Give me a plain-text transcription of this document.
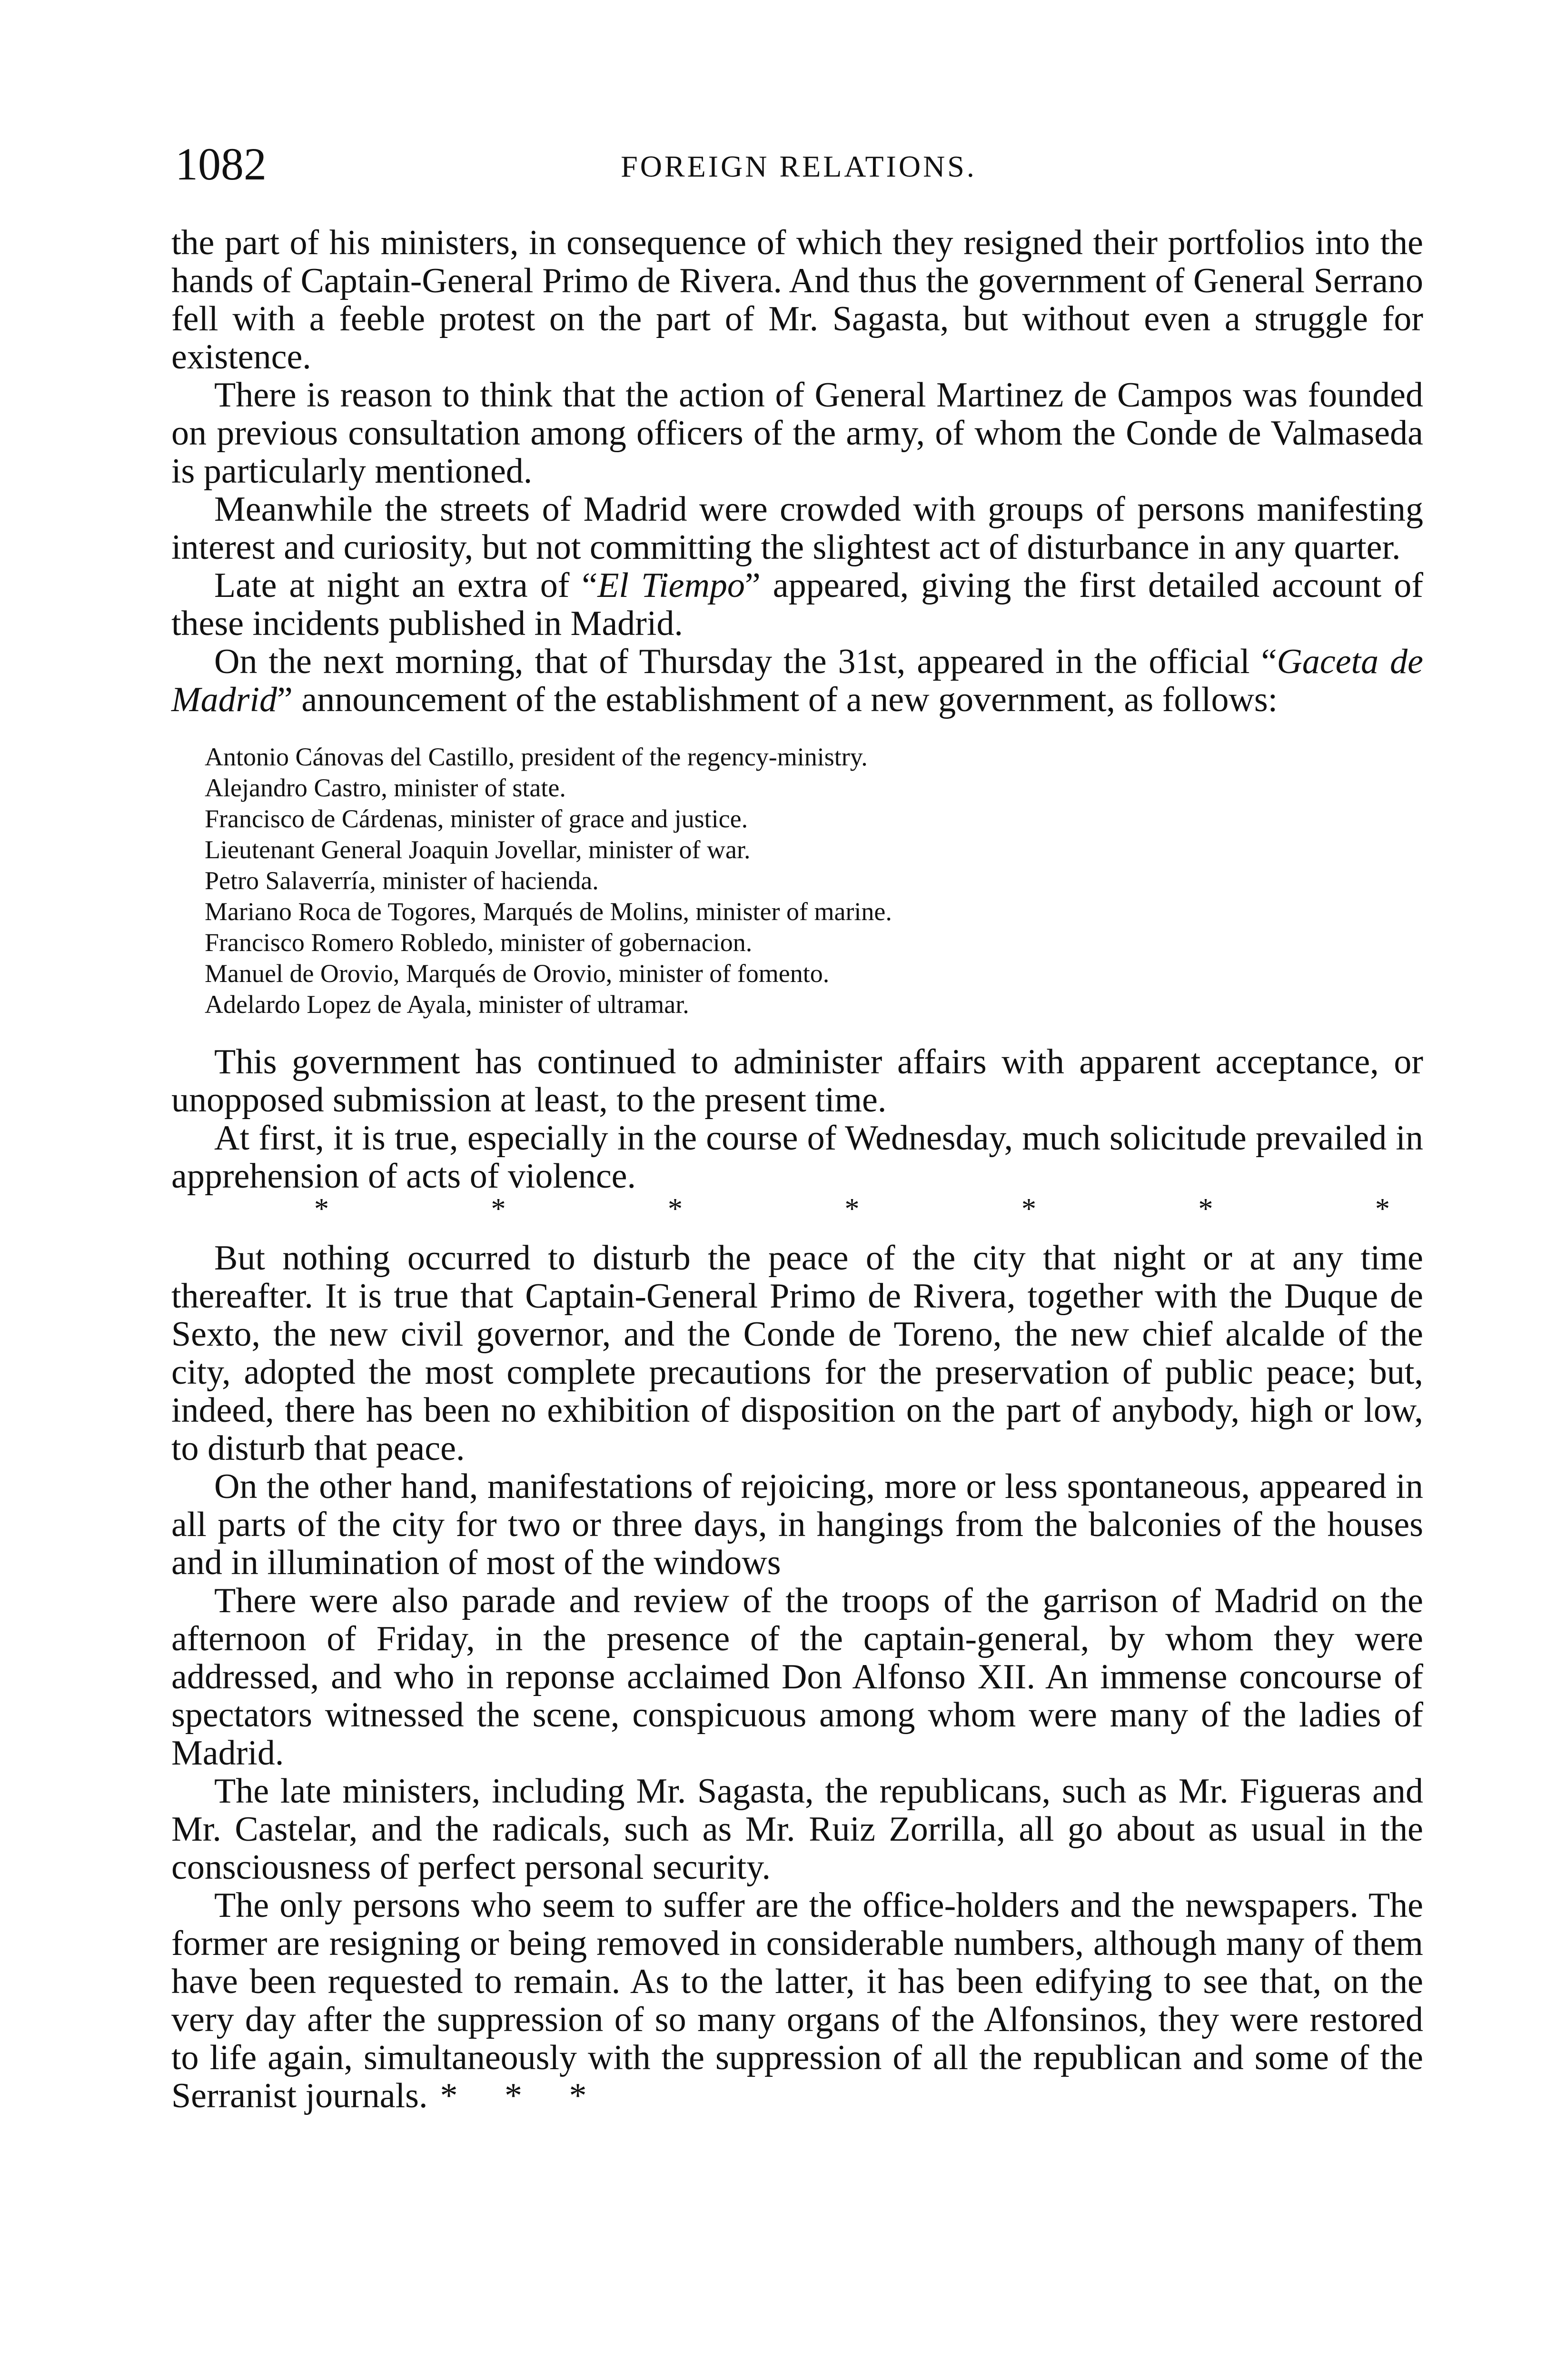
1082	FOREIGN RELATIONS.

the part of his ministers, in consequence of which they resigned their portfolios into the hands of Captain-General Primo de Rivera. And thus the government of General Serrano fell with a feeble protest on the part of Mr. Sagasta, but without even a struggle for existence.

There is reason to think that the action of General Martinez de Campos was founded on previous consultation among officers of the army, of whom the Conde de Valmaseda is particularly mentioned.

Meanwhile the streets of Madrid were crowded with groups of persons manifesting interest and curiosity, but not committing the slightest act of disturbance in any quarter.

Late at night an extra of “El Tiempo” appeared, giving the first detailed account of these incidents published in Madrid.

On the next morning, that of Thursday the 31st, appeared in the official “Gaceta de Madrid” announcement of the establishment of a new government, as follows:

Antonio Cánovas del Castillo, president of the regency-ministry.
Alejandro Castro, minister of state.
Francisco de Cárdenas, minister of grace and justice.
Lieutenant General Joaquin Jovellar, minister of war.
Petro Salaverría, minister of hacienda.
Mariano Roca de Togores, Marqués de Molins, minister of marine.
Francisco Romero Robledo, minister of gobernacion.
Manuel de Orovio, Marqués de Orovio, minister of fomento.
Adelardo Lopez de Ayala, minister of ultramar.

This government has continued to administer affairs with apparent acceptance, or unopposed submission at least, to the present time.

At first, it is true, especially in the course of Wednesday, much solicitude prevailed in apprehension of acts of violence.

*	*	*	*	*	*	*

But nothing occurred to disturb the peace of the city that night or at any time thereafter. It is true that Captain-General Primo de Rivera, together with the Duque de Sexto, the new civil governor, and the Conde de Toreno, the new chief alcalde of the city, adopted the most complete precautions for the preservation of public peace; but, indeed, there has been no exhibition of disposition on the part of anybody, high or low, to disturb that peace.

On the other hand, manifestations of rejoicing, more or less spontaneous, appeared in all parts of the city for two or three days, in hangings from the balconies of the houses and in illumination of most of the windows

There were also parade and review of the troops of the garrison of Madrid on the afternoon of Friday, in the presence of the captain-general, by whom they were addressed, and who in reponse acclaimed Don Alfonso XII. An immense concourse of spectators witnessed the scene, conspicuous among whom were many of the ladies of Madrid.

The late ministers, including Mr. Sagasta, the republicans, such as Mr. Figueras and Mr. Castelar, and the radicals, such as Mr. Ruiz Zorrilla, all go about as usual in the consciousness of perfect personal security.

The only persons who seem to suffer are the office-holders and the newspapers. The former are resigning or being removed in considerable numbers, although many of them have been requested to remain. As to the latter, it has been edifying to see that, on the very day after the suppression of so many organs of the Alfonsinos, they were restored to life again, simultaneously with the suppression of all the republican and some of the Serranist journals. * * *
